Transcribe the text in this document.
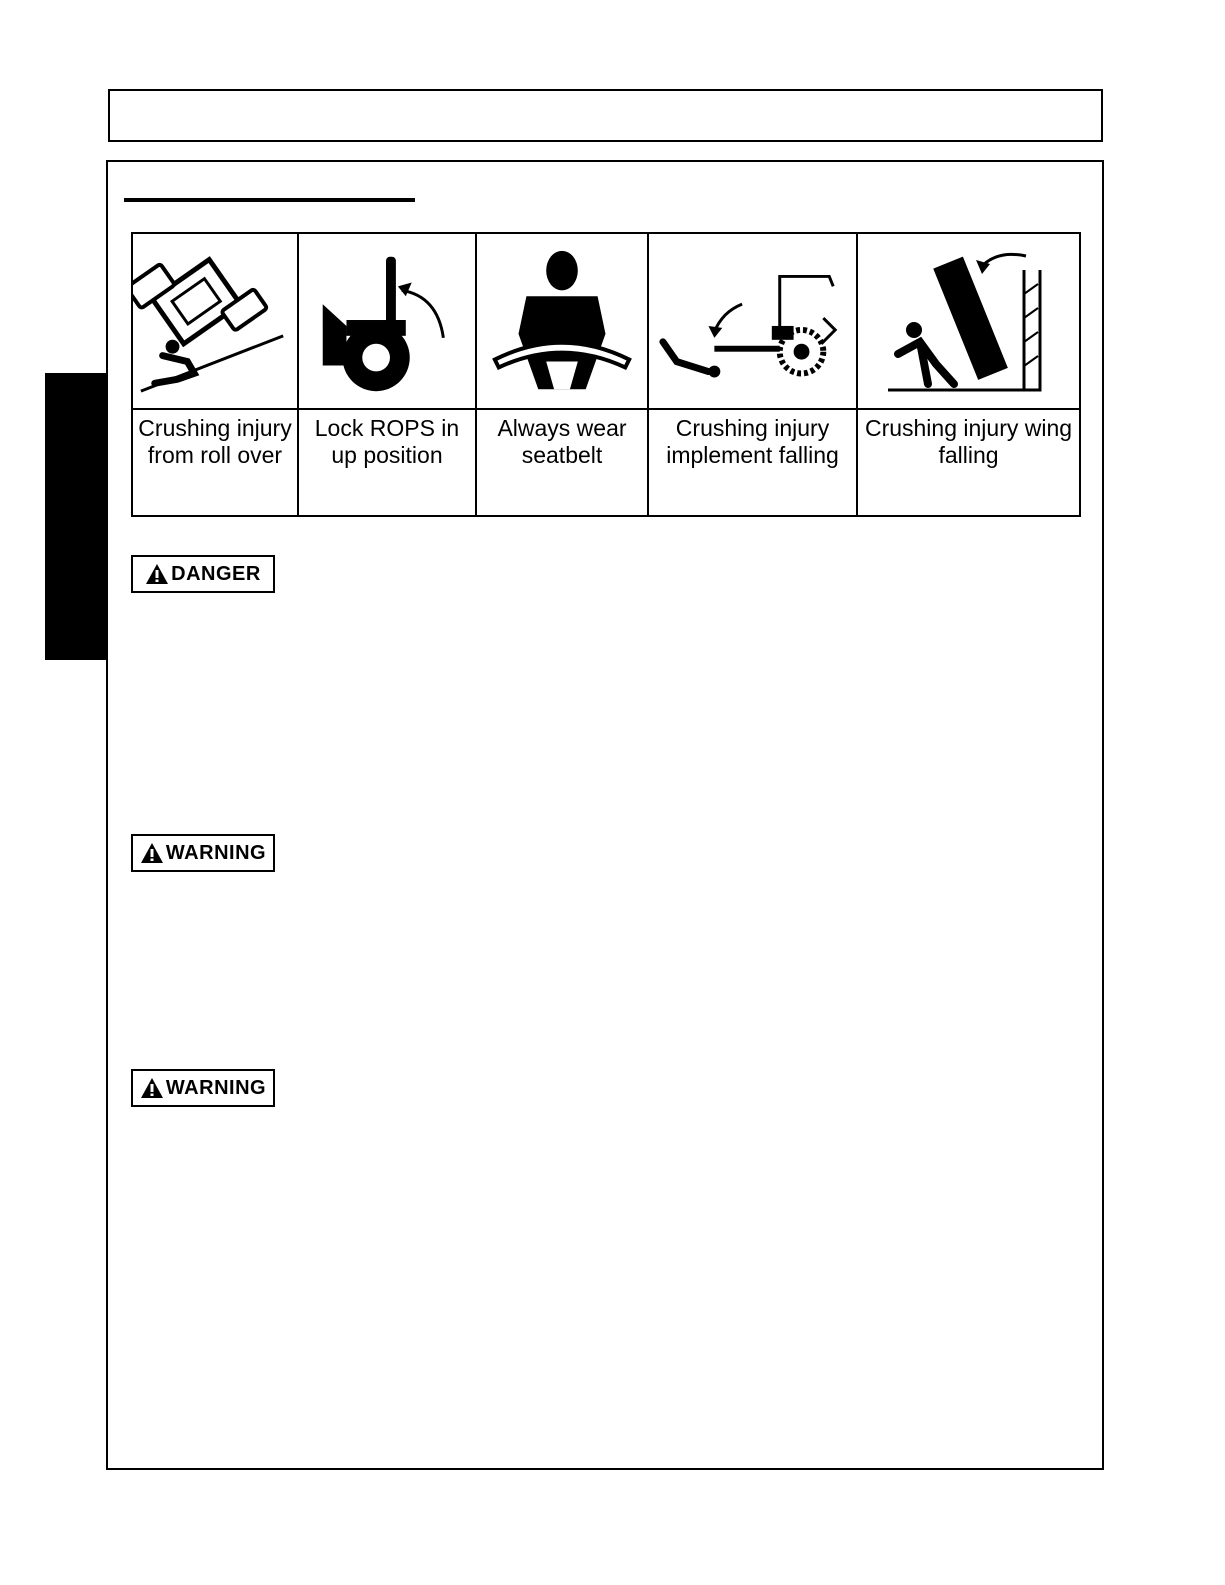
Crushing injury
from roll over
Lock ROPS in
up position
Always wear
seatbelt
Crushing injury
implement falling
Crushing injury wing
falling
DANGER
WARNING
WARNING
